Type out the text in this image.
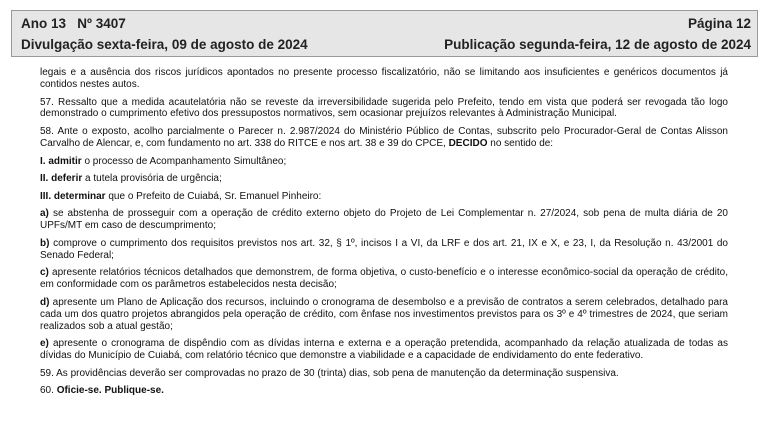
Ano 13   Nº 3407	Página 12
Divulgação sexta-feira, 09 de agosto de 2024	Publicação segunda-feira, 12 de agosto de 2024

legais e a ausência dos riscos jurídicos apontados no presente processo fiscalizatório, não se limitando aos insuficientes e genéricos documentos já contidos nestes autos.

57. Ressalto que a medida acautelatória não se reveste da irreversibilidade sugerida pelo Prefeito, tendo em vista que poderá ser revogada tão logo demonstrado o cumprimento efetivo dos pressupostos normativos, sem ocasionar prejuízos relevantes à Administração Municipal.

58. Ante o exposto, acolho parcialmente o Parecer n. 2.987/2024 do Ministério Público de Contas, subscrito pelo Procurador-Geral de Contas Alisson Carvalho de Alencar, e, com fundamento no art. 338 do RITCE e nos art. 38 e 39 do CPCE, DECIDO no sentido de:

I. admitir o processo de Acompanhamento Simultâneo;

II. deferir a tutela provisória de urgência;

III. determinar que o Prefeito de Cuiabá, Sr. Emanuel Pinheiro:

a) se abstenha de prosseguir com a operação de crédito externo objeto do Projeto de Lei Complementar n. 27/2024, sob pena de multa diária de 20 UPFs/MT em caso de descumprimento;

b) comprove o cumprimento dos requisitos previstos nos art. 32, § 1º, incisos I a VI, da LRF e dos art. 21, IX e X, e 23, I, da Resolução n. 43/2001 do Senado Federal;

c) apresente relatórios técnicos detalhados que demonstrem, de forma objetiva, o custo-benefício e o interesse econômico-social da operação de crédito, em conformidade com os parâmetros estabelecidos nesta decisão;

d) apresente um Plano de Aplicação dos recursos, incluindo o cronograma de desembolso e a previsão de contratos a serem celebrados, detalhado para cada um dos quatro projetos abrangidos pela operação de crédito, com ênfase nos investimentos previstos para os 3º e 4º trimestres de 2024, que seriam realizados sob a atual gestão;

e) apresente o cronograma de dispêndio com as dívidas interna e externa e a operação pretendida, acompanhado da relação atualizada de todas as dívidas do Município de Cuiabá, com relatório técnico que demonstre a viabilidade e a capacidade de endividamento do ente federativo.

59. As providências deverão ser comprovadas no prazo de 30 (trinta) dias, sob pena de manutenção da determinação suspensiva.

60. Oficie-se. Publique-se.
